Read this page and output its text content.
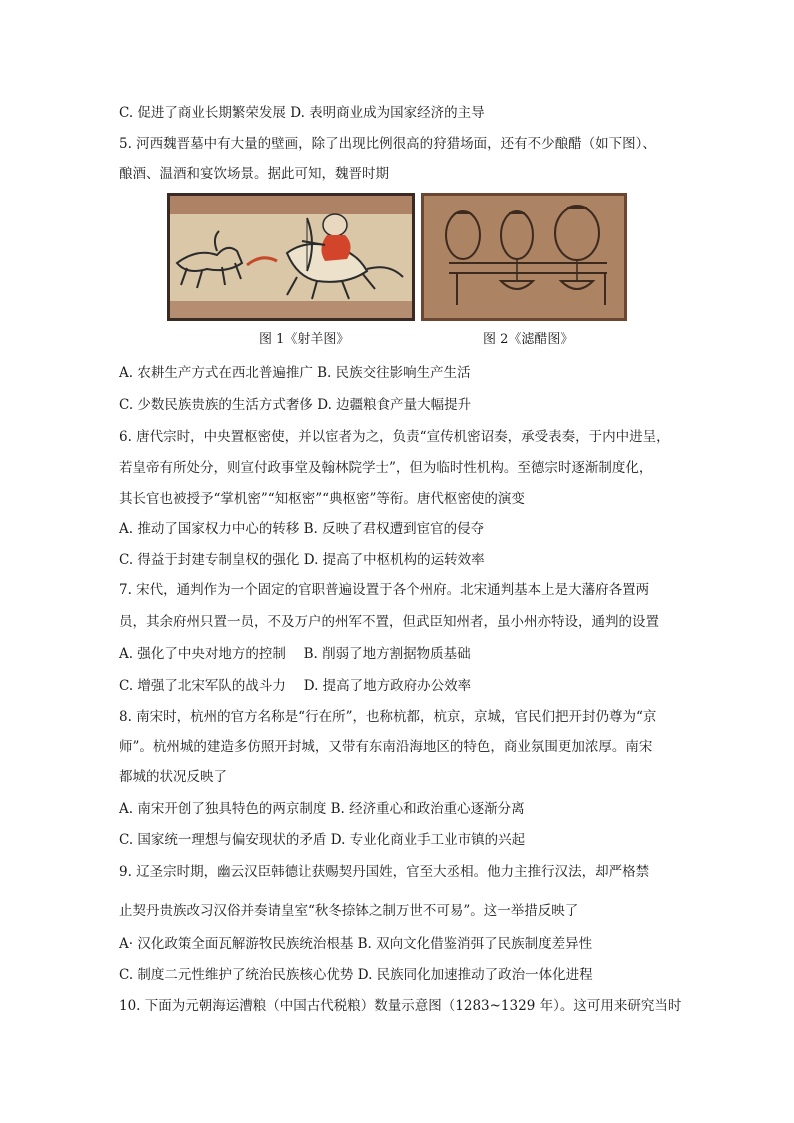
C. 促进了商业长期繁荣发展 D. 表明商业成为国家经济的主导
5. 河西魏晋墓中有大量的壁画，除了出现比例很高的狩猎场面，还有不少酿醋（如下图）、
酿酒、温酒和宴饮场景。据此可知，魏晋时期
图 1《射羊图》	图 2《滤醋图》
A. 农耕生产方式在西北普遍推广 B. 民族交往影响生产生活
C. 少数民族贵族的生活方式奢侈 D. 边疆粮食产量大幅提升
6. 唐代宗时，中央置枢密使，并以宦者为之，负责“宣传机密诏奏，承受表奏，于内中进呈，
若皇帝有所处分，则宣付政事堂及翰林院学士”，但为临时性机构。至德宗时逐渐制度化，
其长官也被授予“掌机密”“知枢密”“典枢密”等衔。唐代枢密使的演变
A. 推动了国家权力中心的转移 B. 反映了君权遭到宦官的侵夺
C. 得益于封建专制皇权的强化 D. 提高了中枢机构的运转效率
7. 宋代，通判作为一个固定的官职普遍设置于各个州府。北宋通判基本上是大藩府各置两
员，其余府州只置一员，不及万户的州军不置，但武臣知州者，虽小州亦特设，通判的设置
A. 强化了中央对地方的控制　 B. 削弱了地方割据物质基础
C. 增强了北宋军队的战斗力　 D. 提高了地方政府办公效率
8. 南宋时，杭州的官方名称是“行在所”，也称杭都，杭京，京城，官民们把开封仍尊为“京
师”。杭州城的建造多仿照开封城，又带有东南沿海地区的特色，商业氛围更加浓厚。南宋
都城的状况反映了
A. 南宋开创了独具特色的两京制度 B. 经济重心和政治重心逐渐分离
C. 国家统一理想与偏安现状的矛盾 D. 专业化商业手工业市镇的兴起
9. 辽圣宗时期，幽云汉臣韩德让获赐契丹国姓，官至大丞相。他力主推行汉法，却严格禁
止契丹贵族改习汉俗并奏请皇室“秋冬捺钵之制万世不可易”。这一举措反映了
A· 汉化政策全面瓦解游牧民族统治根基 B. 双向文化借鉴消弭了民族制度差异性
C. 制度二元性维护了统治民族核心优势 D. 民族同化加速推动了政治一体化进程
10. 下面为元朝海运漕粮（中国古代税粮）数量示意图（1283~1329 年）。这可用来研究当时
